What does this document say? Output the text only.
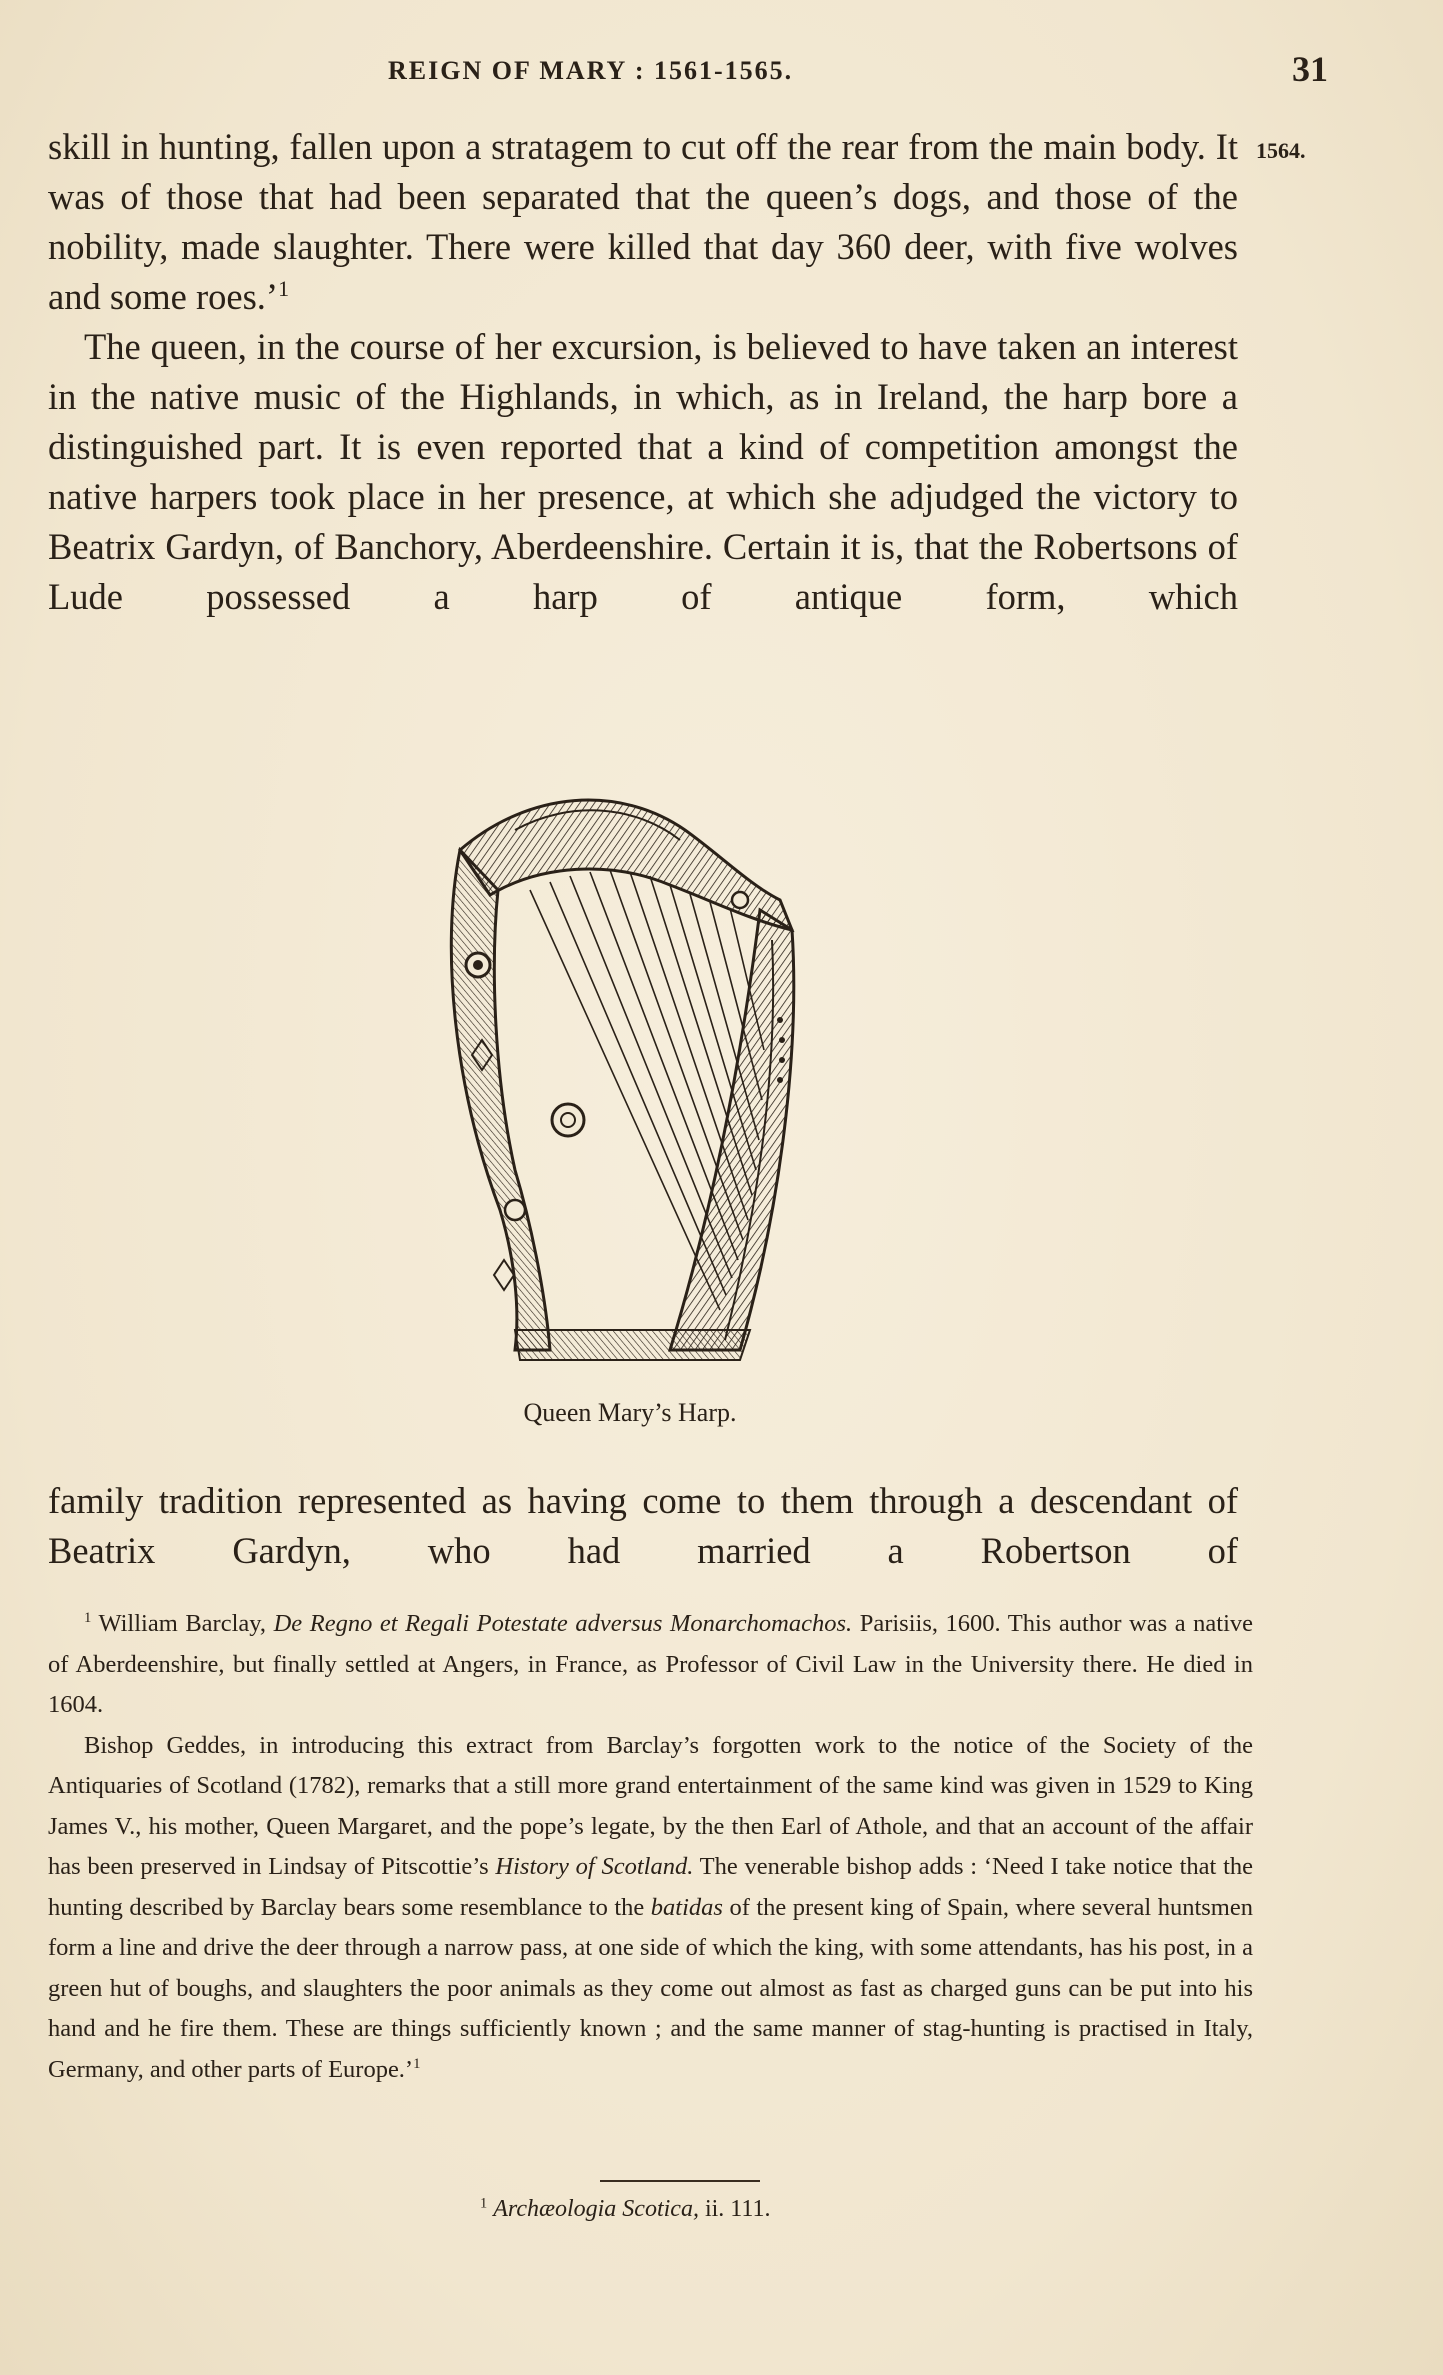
REIGN OF MARY : 1561-1565.	31
1564.

skill in hunting, fallen upon a stratagem to cut off the rear from the main body. It was of those that had been separated that the queen’s dogs, and those of the nobility, made slaughter. There were killed that day 360 deer, with five wolves and some roes.’$^1$

The queen, in the course of her excursion, is believed to have taken an interest in the native music of the Highlands, in which, as in Ireland, the harp bore a distinguished part. It is even reported that a kind of competition amongst the native harpers took place in her presence, at which she adjudged the victory to Beatrix Gardyn, of Banchory, Aberdeenshire. Certain it is, that the Robertsons of Lude possessed a harp of antique form, which

Queen Mary’s Harp.

family tradition represented as having come to them through a descendant of Beatrix Gardyn, who had married a Robertson of

$^1$ William Barclay, De Regno et Regali Potestate adversus Monarchomachos. Parisiis, 1600. This author was a native of Aberdeenshire, but finally settled at Angers, in France, as Professor of Civil Law in the University there. He died in 1604.

Bishop Geddes, in introducing this extract from Barclay’s forgotten work to the notice of the Society of the Antiquaries of Scotland (1782), remarks that a still more grand entertainment of the same kind was given in 1529 to King James V., his mother, Queen Margaret, and the pope’s legate, by the then Earl of Athole, and that an account of the affair has been preserved in Lindsay of Pitscottie’s History of Scotland. The venerable bishop adds : ‘Need I take notice that the hunting described by Barclay bears some resemblance to the batidas of the present king of Spain, where several huntsmen form a line and drive the deer through a narrow pass, at one side of which the king, with some attendants, has his post, in a green hut of boughs, and slaughters the poor animals as they come out almost as fast as charged guns can be put into his hand and he fire them. These are things sufficiently known ; and the same manner of stag-hunting is practised in Italy, Germany, and other parts of Europe.’$^1$

$^1$ Archæologia Scotica, ii. 111.
